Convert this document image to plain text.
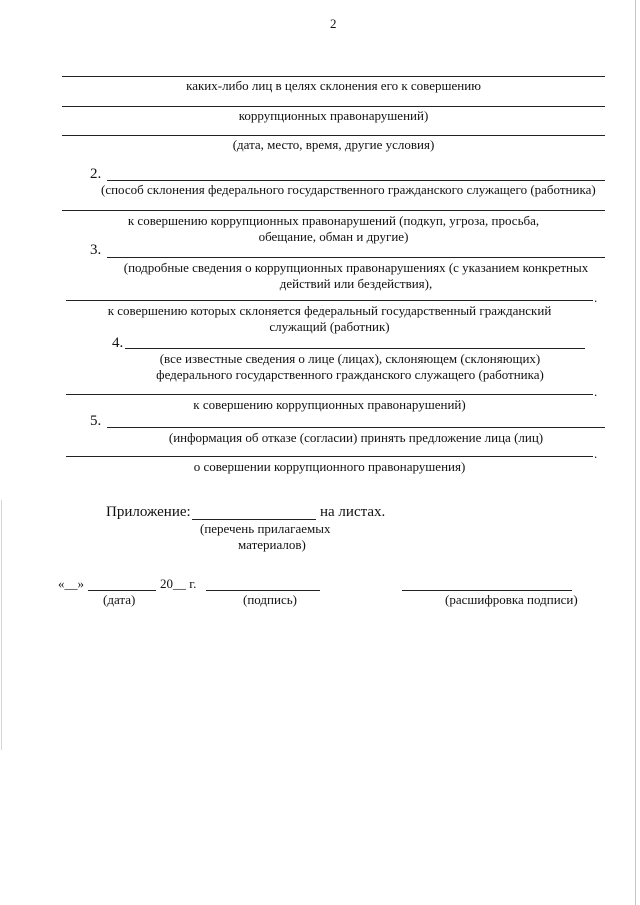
2
каких-либо лиц в целях склонения его к совершению
коррупционных правонарушений)
(дата, место, время, другие условия)
2.
(способ склонения федерального государственного гражданского служащего (работника)
к совершению коррупционных правонарушений (подкуп, угроза, просьба,
обещание, обман и другие)
3.
(подробные сведения о коррупционных правонарушениях (с указанием конкретных
действий или бездействия),
.
к совершению которых склоняется федеральный государственный гражданский
служащий (работник)
4.
(все известные сведения о лице (лицах), склоняющем (склоняющих)
федерального государственного гражданского служащего (работника)
.
к совершению коррупционных правонарушений)
5.
(информация об отказе (согласии) принять предложение лица (лиц)
.
о совершении коррупционного правонарушения)
Приложение:	на листах.
(перечень прилагаемых
материалов)
«__»	20__ г.
(дата)	(подпись)	(расшифровка подписи)
